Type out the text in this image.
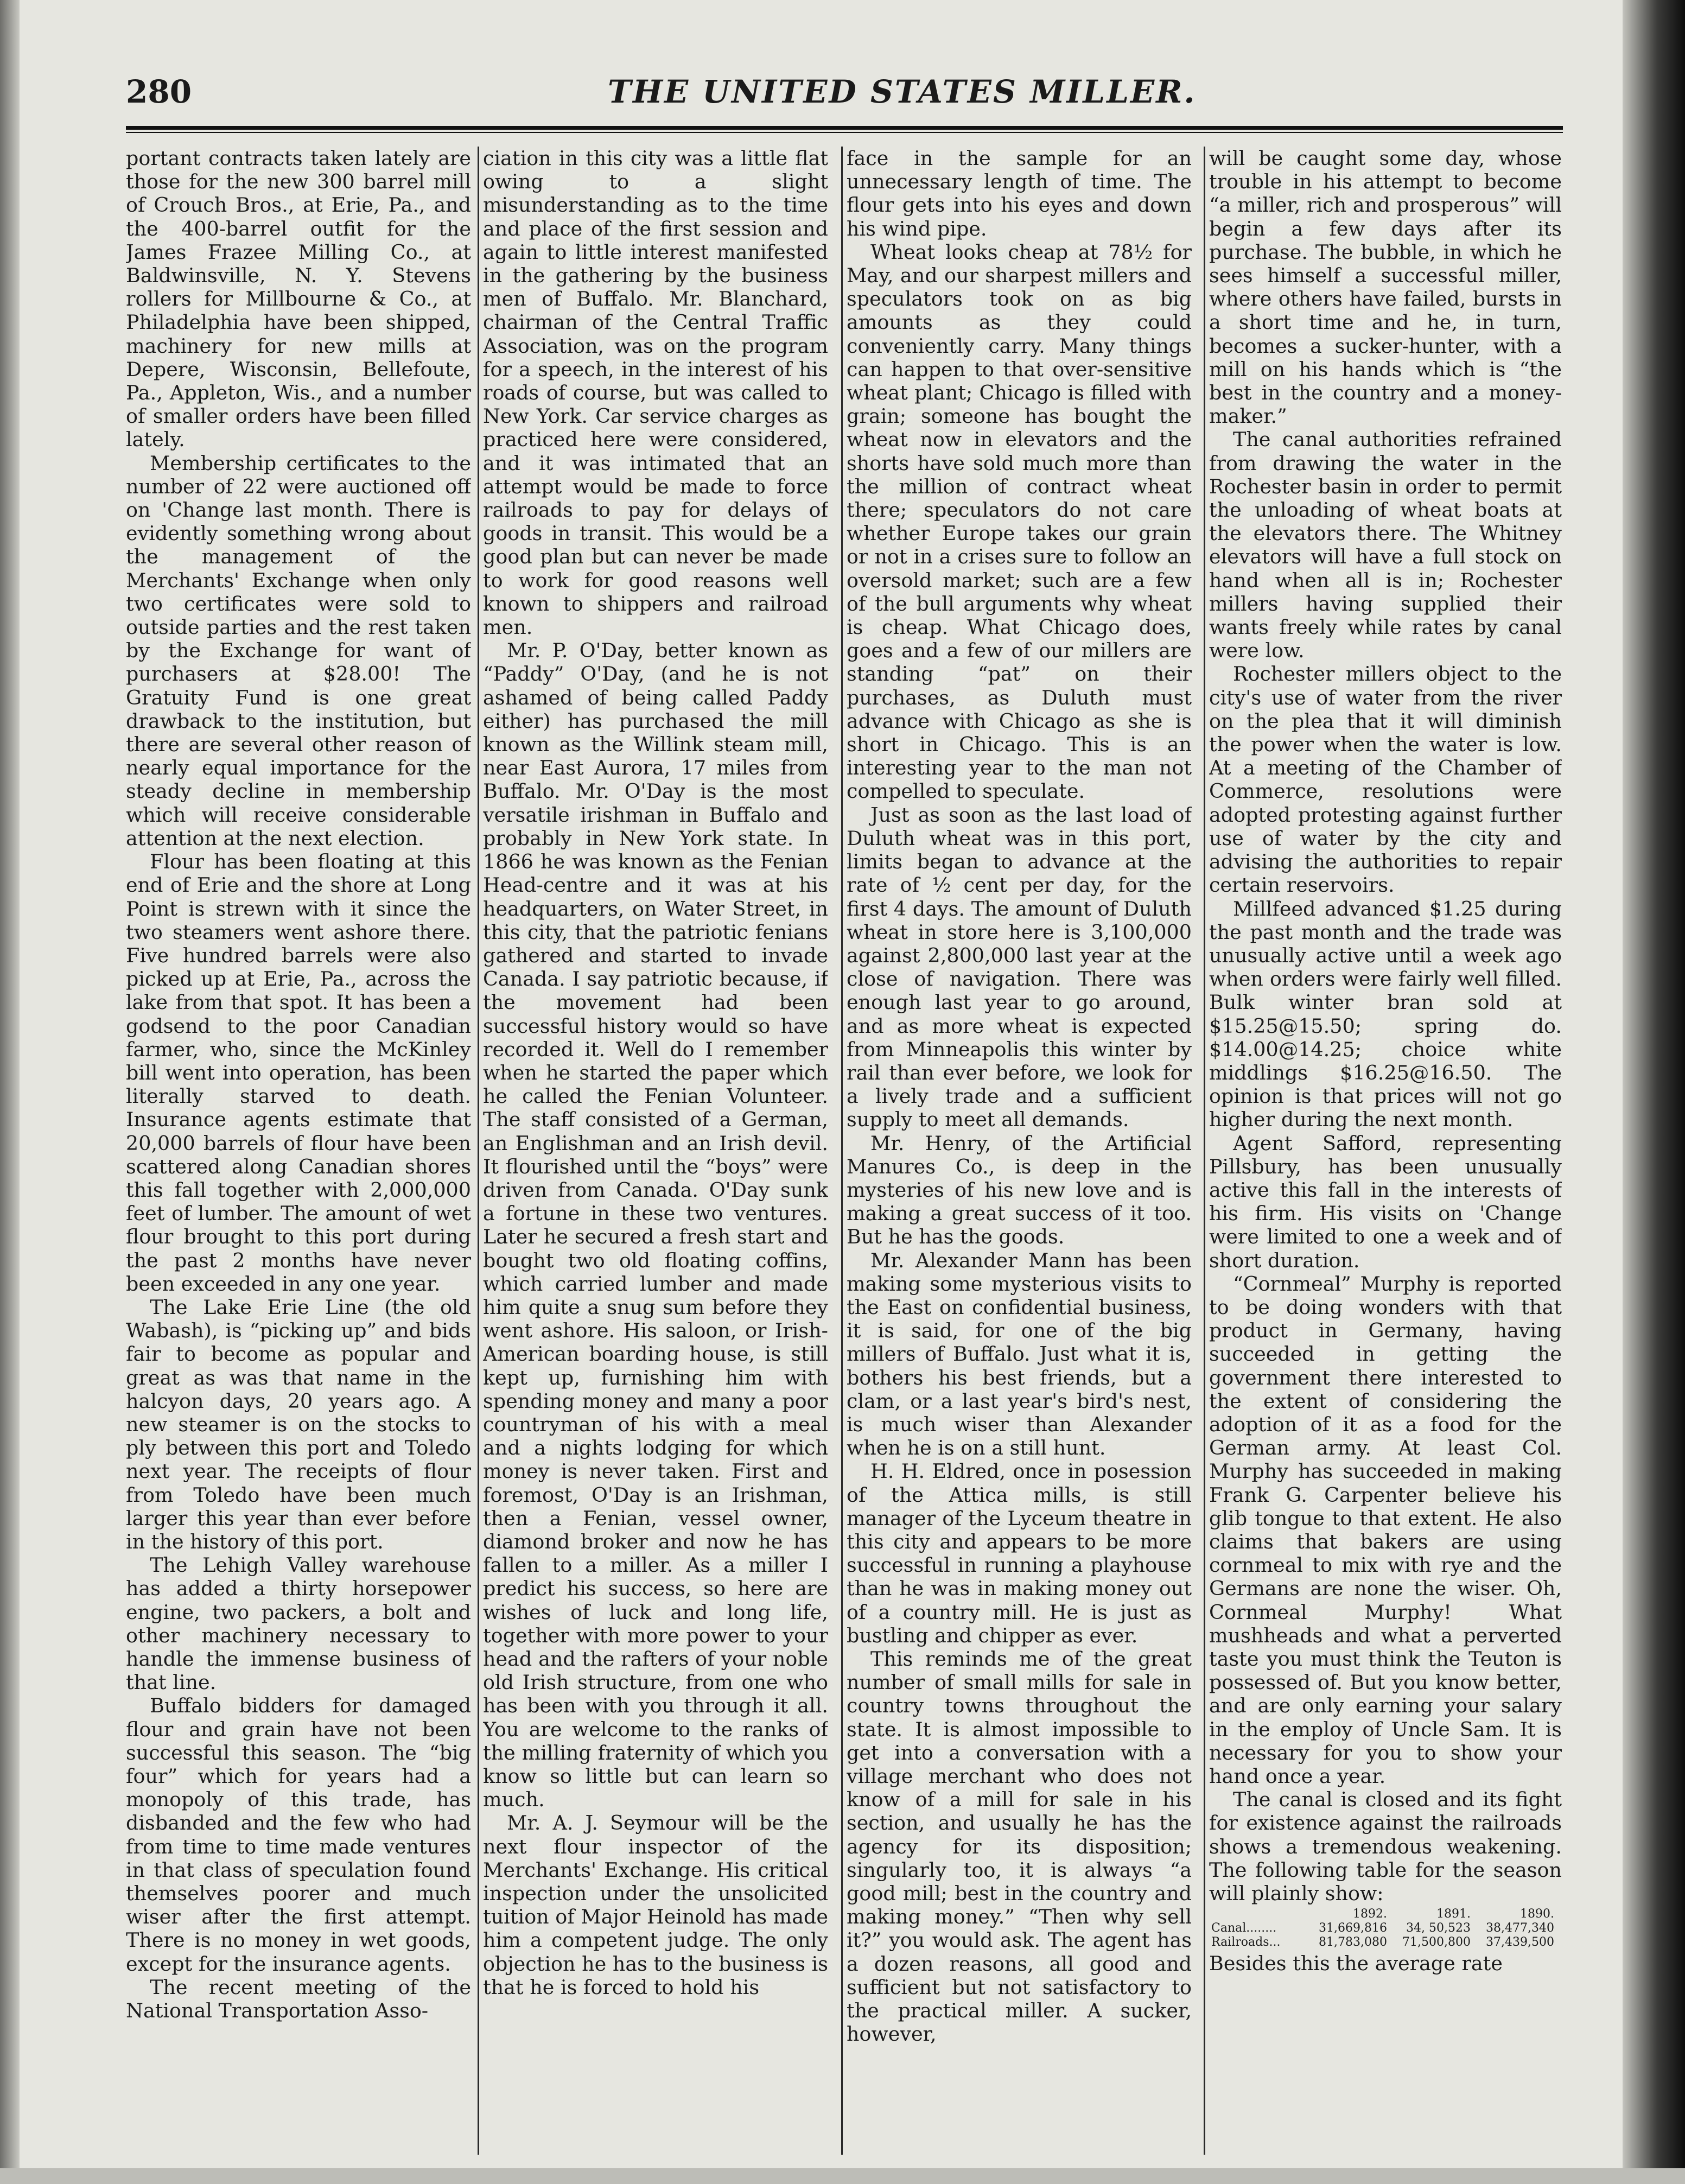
280	THE UNITED STATES MILLER.

portant contracts taken lately are those for the new 300 barrel mill of Crouch Bros., at Erie, Pa., and the 400-barrel outfit for the James Frazee Milling Co., at Baldwinsville, N. Y. Stevens rollers for Millbourne & Co., at Philadelphia have been shipped, machinery for new mills at Depere, Wisconsin, Bellefoute, Pa., Appleton, Wis., and a number of smaller orders have been filled lately.

Membership certificates to the number of 22 were auctioned off on 'Change last month. There is evidently something wrong about the management of the Merchants' Exchange when only two certificates were sold to outside parties and the rest taken by the Exchange for want of purchasers at $28.00! The Gratuity Fund is one great drawback to the institution, but there are several other reason of nearly equal importance for the steady decline in membership which will receive considerable attention at the next election.

Flour has been floating at this end of Erie and the shore at Long Point is strewn with it since the two steamers went ashore there. Five hundred barrels were also picked up at Erie, Pa., across the lake from that spot. It has been a godsend to the poor Canadian farmer, who, since the McKinley bill went into operation, has been literally starved to death. Insurance agents estimate that 20,000 barrels of flour have been scattered along Canadian shores this fall together with 2,000,000 feet of lumber. The amount of wet flour brought to this port during the past 2 months have never been exceeded in any one year.

The Lake Erie Line (the old Wabash), is “picking up” and bids fair to become as popular and great as was that name in the halcyon days, 20 years ago. A new steamer is on the stocks to ply between this port and Toledo next year. The receipts of flour from Toledo have been much larger this year than ever before in the history of this port.

The Lehigh Valley warehouse has added a thirty horsepower engine, two packers, a bolt and other machinery necessary to handle the immense business of that line.

Buffalo bidders for damaged flour and grain have not been successful this season. The “big four” which for years had a monopoly of this trade, has disbanded and the few who had from time to time made ventures in that class of speculation found themselves poorer and much wiser after the first attempt. There is no money in wet goods, except for the insurance agents.

The recent meeting of the National Transportation Asso-

ciation in this city was a little flat owing to a slight misunderstanding as to the time and place of the first session and again to little interest manifested in the gathering by the business men of Buffalo. Mr. Blanchard, chairman of the Central Traffic Association, was on the program for a speech, in the interest of his roads of course, but was called to New York. Car service charges as practiced here were considered, and it was intimated that an attempt would be made to force railroads to pay for delays of goods in transit. This would be a good plan but can never be made to work for good reasons well known to shippers and railroad men.

Mr. P. O'Day, better known as “Paddy” O'Day, (and he is not ashamed of being called Paddy either) has purchased the mill known as the Willink steam mill, near East Aurora, 17 miles from Buffalo. Mr. O'Day is the most versatile irishman in Buffalo and probably in New York state. In 1866 he was known as the Fenian Head-centre and it was at his headquarters, on Water Street, in this city, that the patriotic fenians gathered and started to invade Canada. I say patriotic because, if the movement had been successful history would so have recorded it. Well do I remember when he started the paper which he called the Fenian Volunteer. The staff consisted of a German, an Englishman and an Irish devil. It flourished until the “boys” were driven from Canada. O'Day sunk a fortune in these two ventures. Later he secured a fresh start and bought two old floating coffins, which carried lumber and made him quite a snug sum before they went ashore. His saloon, or Irish-American boarding house, is still kept up, furnishing him with spending money and many a poor countryman of his with a meal and a nights lodging for which money is never taken. First and foremost, O'Day is an Irishman, then a Fenian, vessel owner, diamond broker and now he has fallen to a miller. As a miller I predict his success, so here are wishes of luck and long life, together with more power to your head and the rafters of your noble old Irish structure, from one who has been with you through it all. You are welcome to the ranks of the milling fraternity of which you know so little but can learn so much.

Mr. A. J. Seymour will be the next flour inspector of the Merchants' Exchange. His critical inspection under the unsolicited tuition of Major Heinold has made him a competent judge. The only objection he has to the business is that he is forced to hold his

face in the sample for an unnecessary length of time. The flour gets into his eyes and down his wind pipe.

Wheat looks cheap at 78½ for May, and our sharpest millers and speculators took on as big amounts as they could conveniently carry. Many things can happen to that over-sensitive wheat plant; Chicago is filled with grain; someone has bought the wheat now in elevators and the shorts have sold much more than the million of contract wheat there; speculators do not care whether Europe takes our grain or not in a crises sure to follow an oversold market; such are a few of the bull arguments why wheat is cheap. What Chicago does, goes and a few of our millers are standing “pat” on their purchases, as Duluth must advance with Chicago as she is short in Chicago. This is an interesting year to the man not compelled to speculate.

Just as soon as the last load of Duluth wheat was in this port, limits began to advance at the rate of ½ cent per day, for the first 4 days. The amount of Duluth wheat in store here is 3,100,000 against 2,800,000 last year at the close of navigation. There was enough last year to go around, and as more wheat is expected from Minneapolis this winter by rail than ever before, we look for a lively trade and a sufficient supply to meet all demands.

Mr. Henry, of the Artificial Manures Co., is deep in the mysteries of his new love and is making a great success of it too. But he has the goods.

Mr. Alexander Mann has been making some mysterious visits to the East on confidential business, it is said, for one of the big millers of Buffalo. Just what it is, bothers his best friends, but a clam, or a last year's bird's nest, is much wiser than Alexander when he is on a still hunt.

H. H. Eldred, once in posession of the Attica mills, is still manager of the Lyceum theatre in this city and appears to be more successful in running a playhouse than he was in making money out of a country mill. He is just as bustling and chipper as ever.

This reminds me of the great number of small mills for sale in country towns throughout the state. It is almost impossible to get into a conversation with a village merchant who does not know of a mill for sale in his section, and usually he has the agency for its disposition; singularly too, it is always “a good mill; best in the country and making money.” “Then why sell it?” you would ask. The agent has a dozen reasons, all good and sufficient but not satisfactory to the practical miller. A sucker, however,

will be caught some day, whose trouble in his attempt to become “a miller, rich and prosperous” will begin a few days after its purchase. The bubble, in which he sees himself a successful miller, where others have failed, bursts in a short time and he, in turn, becomes a sucker-hunter, with a mill on his hands which is “the best in the country and a money-maker.”

The canal authorities refrained from drawing the water in the Rochester basin in order to permit the unloading of wheat boats at the elevators there. The Whitney elevators will have a full stock on hand when all is in; Rochester millers having supplied their wants freely while rates by canal were low.

Rochester millers object to the city's use of water from the river on the plea that it will diminish the power when the water is low. At a meeting of the Chamber of Commerce, resolutions were adopted protesting against further use of water by the city and advising the authorities to repair certain reservoirs.

Millfeed advanced $1.25 during the past month and the trade was unusually active until a week ago when orders were fairly well filled. Bulk winter bran sold at $15.25@15.50; spring do. $14.00@14.25; choice white middlings $16.25@16.50. The opinion is that prices will not go higher during the next month.

Agent Safford, representing Pillsbury, has been unusually active this fall in the interests of his firm. His visits on 'Change were limited to one a week and of short duration.

“Cornmeal” Murphy is reported to be doing wonders with that product in Germany, having succeeded in getting the government there interested to the extent of considering the adoption of it as a food for the German army. At least Col. Murphy has succeeded in making Frank G. Carpenter believe his glib tongue to that extent. He also claims that bakers are using cornmeal to mix with rye and the Germans are none the wiser. Oh, Cornmeal Murphy! What mushheads and what a perverted taste you must think the Teuton is possessed of. But you know better, and are only earning your salary in the employ of Uncle Sam. It is necessary for you to show your hand once a year.

The canal is closed and its fight for existence against the railroads shows a tremendous weakening. The following table for the season will plainly show:

	1892.	1891.	1890.
Canal........	31,669,816	34, 50,523	38,477,340
Railroads...	81,783,080	71,500,800	37,439,500

Besides this the average rate
